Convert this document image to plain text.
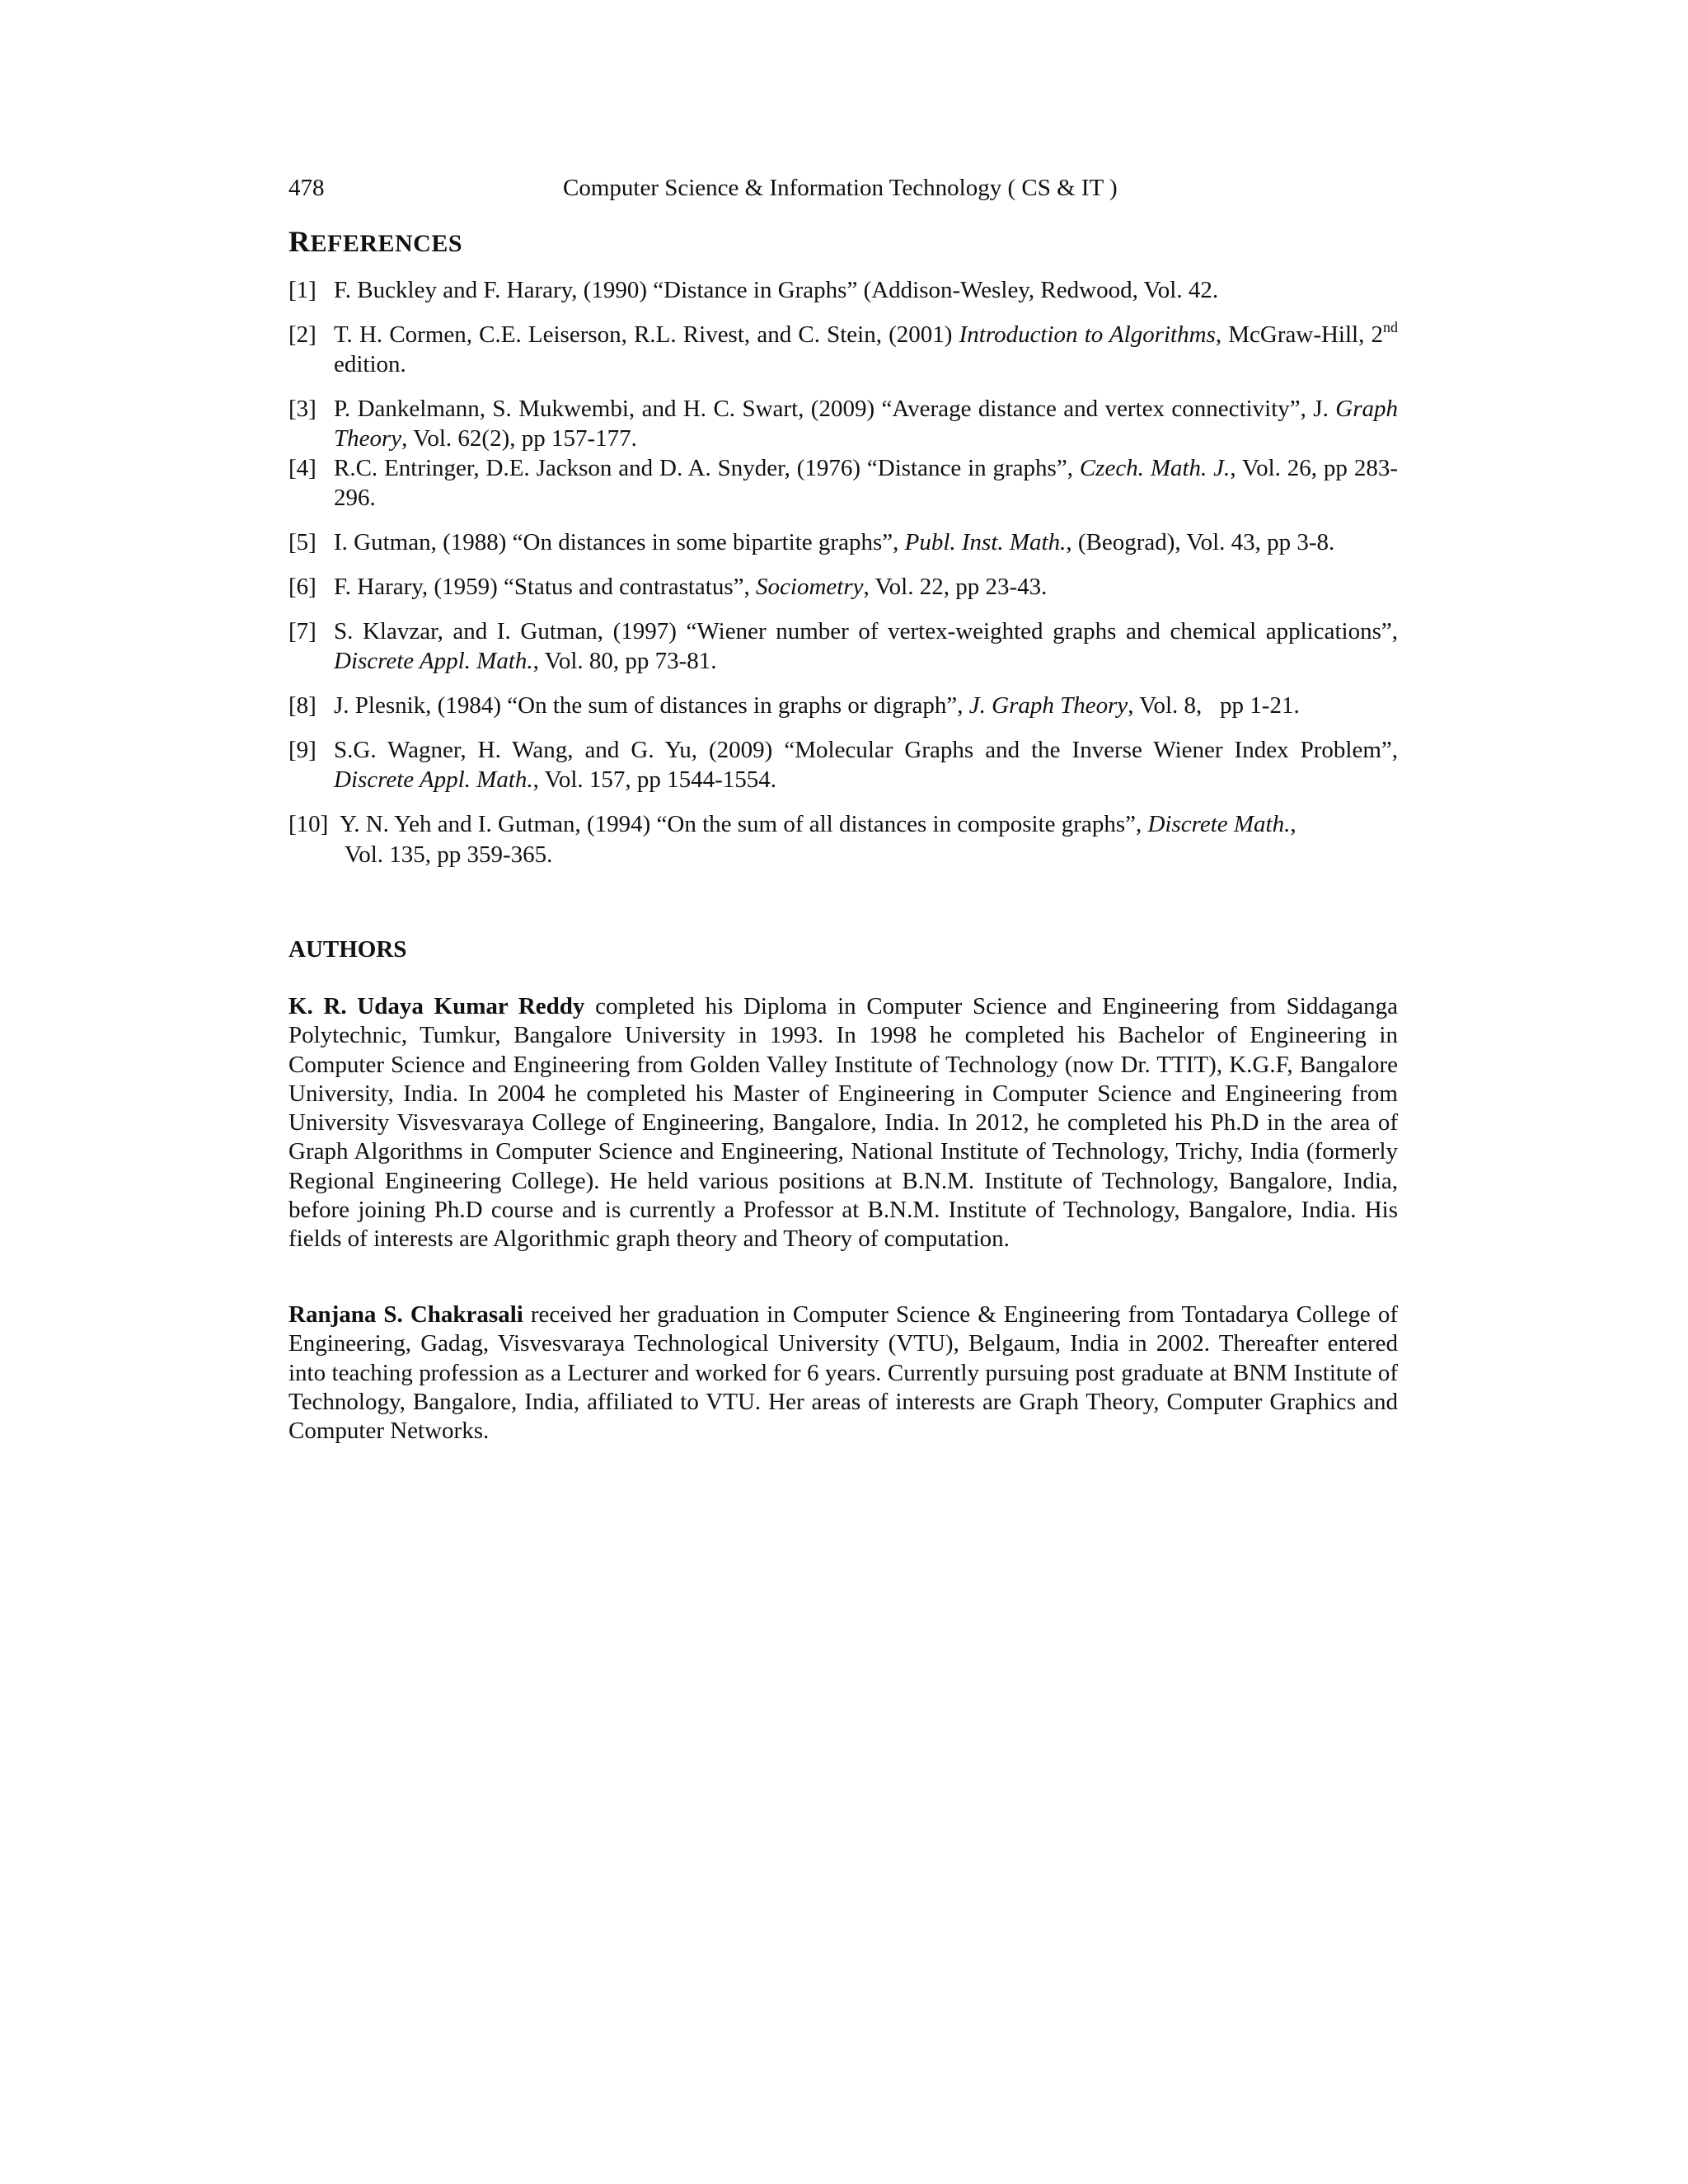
478	Computer Science & Information Technology ( CS & IT )
REFERENCES
[1] F. Buckley and F. Harary, (1990) “Distance in Graphs” (Addison-Wesley, Redwood, Vol. 42.
[2] T. H. Cormen, C.E. Leiserson, R.L. Rivest, and C. Stein, (2001) Introduction to Algorithms, McGraw-Hill, 2nd edition.
[3] P. Dankelmann, S. Mukwembi, and H. C. Swart, (2009) “Average distance and vertex connectivity”, J. Graph Theory, Vol. 62(2), pp 157-177.
[4] R.C. Entringer, D.E. Jackson and D. A. Snyder, (1976) “Distance in graphs”, Czech. Math. J., Vol. 26, pp 283-296.
[5] I. Gutman, (1988) “On distances in some bipartite graphs”, Publ. Inst. Math., (Beograd), Vol. 43, pp 3-8.
[6] F. Harary, (1959) “Status and contrastatus”, Sociometry, Vol. 22, pp 23-43.
[7] S. Klavzar, and I. Gutman, (1997) “Wiener number of vertex-weighted graphs and chemical applications”, Discrete Appl. Math., Vol. 80, pp 73-81.
[8] J. Plesnik, (1984) “On the sum of distances in graphs or digraph”, J. Graph Theory, Vol. 8,   pp 1-21.
[9] S.G. Wagner, H. Wang, and G. Yu, (2009) “Molecular Graphs and the Inverse Wiener Index Problem”, Discrete Appl. Math., Vol. 157, pp 1544-1554.
[10] Y. N. Yeh and I. Gutman, (1994) “On the sum of all distances in composite graphs”, Discrete Math.,
Vol. 135, pp 359-365.
AUTHORS
K. R. Udaya Kumar Reddy completed his Diploma in Computer Science and Engineering from Siddaganga Polytechnic, Tumkur, Bangalore University in 1993. In 1998 he completed his Bachelor of Engineering in Computer Science and Engineering from Golden Valley Institute of Technology (now Dr. TTIT), K.G.F, Bangalore University, India. In 2004 he completed his Master of Engineering in Computer Science and Engineering from University Visvesvaraya College of Engineering, Bangalore, India. In 2012, he completed his Ph.D in the area of Graph Algorithms in Computer Science and Engineering, National Institute of Technology, Trichy, India (formerly Regional Engineering College). He held various positions at B.N.M. Institute of Technology, Bangalore, India, before joining Ph.D course and is currently a Professor at B.N.M. Institute of Technology, Bangalore, India. His fields of interests are Algorithmic graph theory and Theory of computation.
Ranjana S. Chakrasali received her graduation in Computer Science & Engineering from Tontadarya College of Engineering, Gadag, Visvesvaraya Technological University (VTU), Belgaum, India in 2002. Thereafter entered into teaching profession as a Lecturer and worked for 6 years. Currently pursuing post graduate at BNM Institute of Technology, Bangalore, India, affiliated to VTU. Her areas of interests are Graph Theory, Computer Graphics and Computer Networks.
